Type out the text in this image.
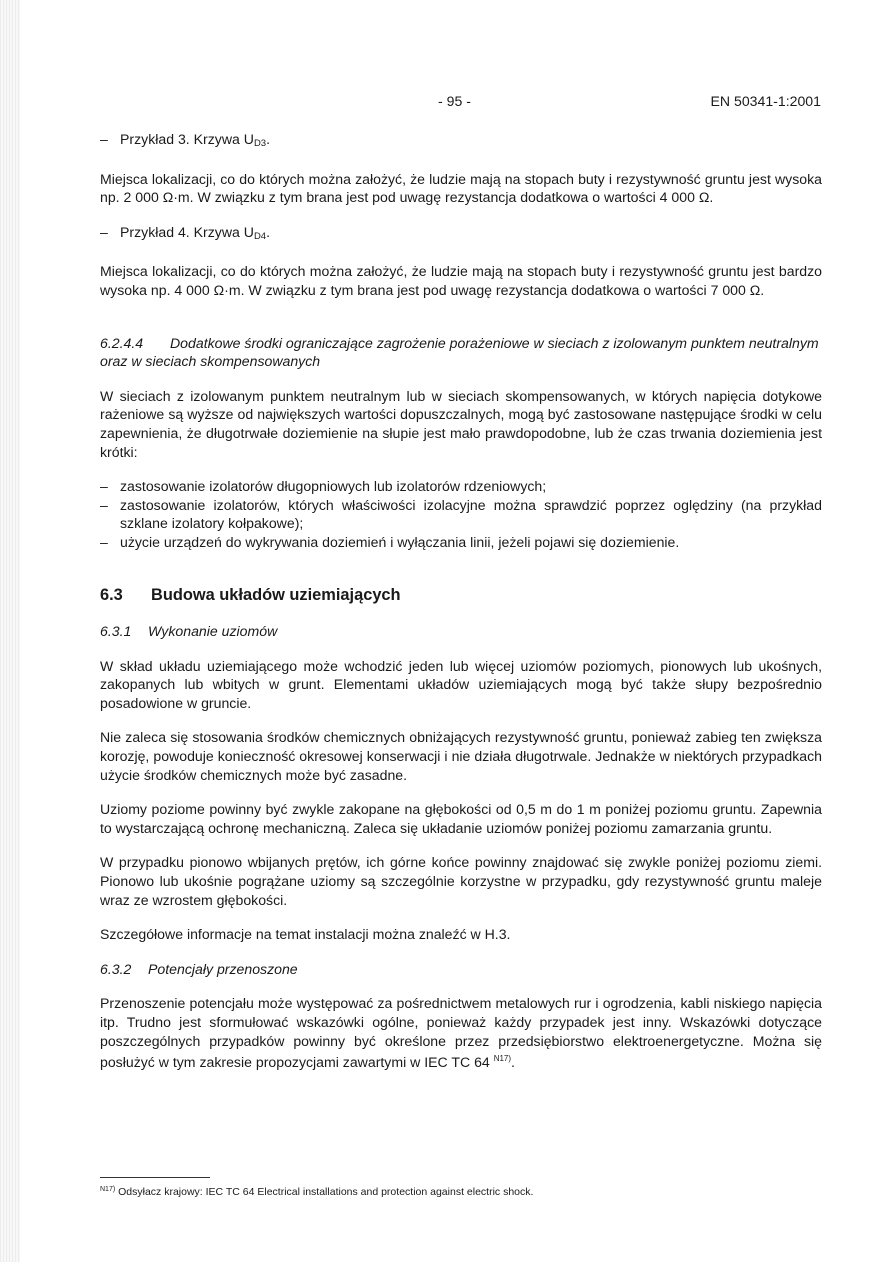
- 95 -	EN 50341-1:2001
– Przykład 3. Krzywa $U_{D3}$.

Miejsca lokalizacji, co do których można założyć, że ludzie mają na stopach buty i rezystywność gruntu jest wysoka np. 2 000 Ω·m. W związku z tym brana jest pod uwagę rezystancja dodatkowa o wartości 4 000 Ω.

– Przykład 4. Krzywa $U_{D4}$.

Miejsca lokalizacji, co do których można założyć, że ludzie mają na stopach buty i rezystywność gruntu jest bardzo wysoka np. 4 000 Ω·m. W związku z tym brana jest pod uwagę rezystancja dodatkowa o wartości 7 000 Ω.

6.2.4.4 Dodatkowe środki ograniczające zagrożenie porażeniowe w sieciach z izolowanym punktem neutralnym oraz w sieciach skompensowanych

W sieciach z izolowanym punktem neutralnym lub w sieciach skompensowanych, w których napięcia dotykowe rażeniowe są wyższe od największych wartości dopuszczalnych, mogą być zastosowane następujące środki w celu zapewnienia, że długotrwałe doziemienie na słupie jest mało prawdopodobne, lub że czas trwania doziemienia jest krótki:

– zastosowanie izolatorów długopniowych lub izolatorów rdzeniowych;
– zastosowanie izolatorów, których właściwości izolacyjne można sprawdzić poprzez oględziny (na przykład szklane izolatory kołpakowe);
– użycie urządzeń do wykrywania doziemień i wyłączania linii, jeżeli pojawi się doziemienie.

6.3 Budowa układów uziemiających

6.3.1 Wykonanie uziomów

W skład układu uziemiającego może wchodzić jeden lub więcej uziomów poziomych, pionowych lub ukośnych, zakopanych lub wbitych w grunt. Elementami układów uziemiających mogą być także słupy bezpośrednio posadowione w gruncie.

Nie zaleca się stosowania środków chemicznych obniżających rezystywność gruntu, ponieważ zabieg ten zwiększa korozję, powoduje konieczność okresowej konserwacji i nie działa długotrwale. Jednakże w niektórych przypadkach użycie środków chemicznych może być zasadne.

Uziomy poziome powinny być zwykle zakopane na głębokości od 0,5 m do 1 m poniżej poziomu gruntu. Zapewnia to wystarczającą ochronę mechaniczną. Zaleca się układanie uziomów poniżej poziomu zamarzania gruntu.

W przypadku pionowo wbijanych prętów, ich górne końce powinny znajdować się zwykle poniżej poziomu ziemi. Pionowo lub ukośnie pogrążane uziomy są szczególnie korzystne w przypadku, gdy rezystywność gruntu maleje wraz ze wzrostem głębokości.

Szczegółowe informacje na temat instalacji można znaleźć w H.3.

6.3.2 Potencjały przenoszone

Przenoszenie potencjału może występować za pośrednictwem metalowych rur i ogrodzenia, kabli niskiego napięcia itp. Trudno jest sformułować wskazówki ogólne, ponieważ każdy przypadek jest inny. Wskazówki dotyczące poszczególnych przypadków powinny być określone przez przedsiębiorstwo elektroenergetyczne. Można się posłużyć w tym zakresie propozycjami zawartymi w IEC TC 64 $^{N17)}$.

$^{N17)}$ Odsyłacz krajowy: IEC TC 64 Electrical installations and protection against electric shock.
